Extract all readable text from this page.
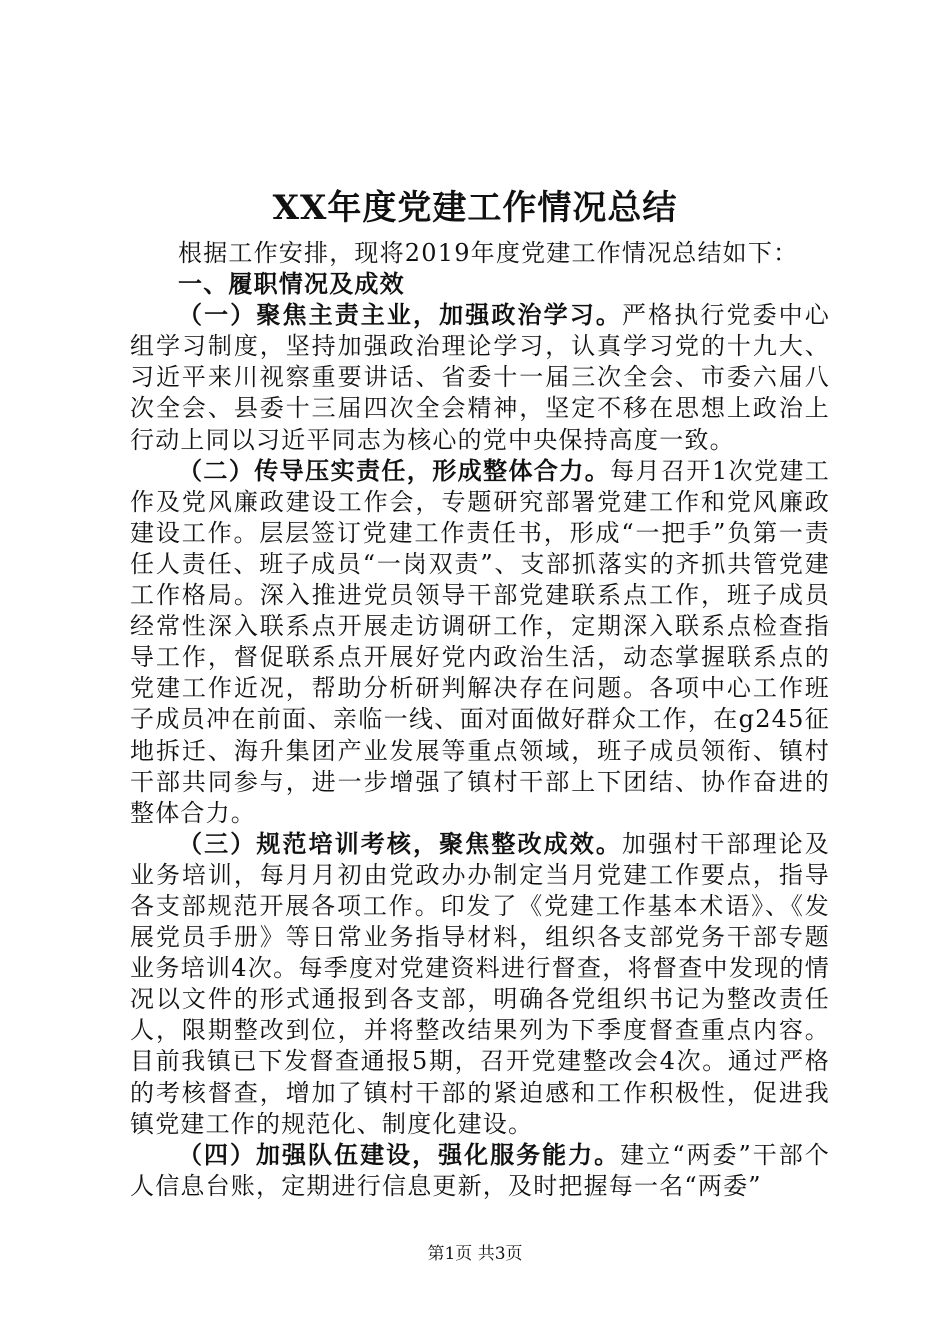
XX年度党建工作情况总结

根据工作安排，现将2019年度党建工作情况总结如下：

一、履职情况及成效

（一）聚焦主责主业，加强政治学习。严格执行党委中心组学习制度，坚持加强政治理论学习，认真学习党的十九大、习近平来川视察重要讲话、省委十一届三次全会、市委六届八次全会、县委十三届四次全会精神，坚定不移在思想上政治上行动上同以习近平同志为核心的党中央保持高度一致。

（二）传导压实责任，形成整体合力。每月召开1次党建工作及党风廉政建设工作会，专题研究部署党建工作和党风廉政建设工作。层层签订党建工作责任书，形成“一把手”负第一责任人责任、班子成员“一岗双责”、支部抓落实的齐抓共管党建工作格局。深入推进党员领导干部党建联系点工作，班子成员经常性深入联系点开展走访调研工作，定期深入联系点检查指导工作，督促联系点开展好党内政治生活，动态掌握联系点的党建工作近况，帮助分析研判解决存在问题。各项中心工作班子成员冲在前面、亲临一线、面对面做好群众工作，在g245征地拆迁、海升集团产业发展等重点领域，班子成员领衔、镇村干部共同参与，进一步增强了镇村干部上下团结、协作奋进的整体合力。

（三）规范培训考核，聚焦整改成效。加强村干部理论及业务培训，每月月初由党政办办制定当月党建工作要点，指导各支部规范开展各项工作。印发了《党建工作基本术语》、《发展党员手册》等日常业务指导材料，组织各支部党务干部专题业务培训4次。每季度对党建资料进行督查，将督查中发现的情况以文件的形式通报到各支部，明确各党组织书记为整改责任人，限期整改到位，并将整改结果列为下季度督查重点内容。目前我镇已下发督查通报5期，召开党建整改会4次。通过严格的考核督查，增加了镇村干部的紧迫感和工作积极性，促进我镇党建工作的规范化、制度化建设。

（四）加强队伍建设，强化服务能力。建立“两委”干部个人信息台账，定期进行信息更新，及时把握每一名“两委”

第1页 共3页
